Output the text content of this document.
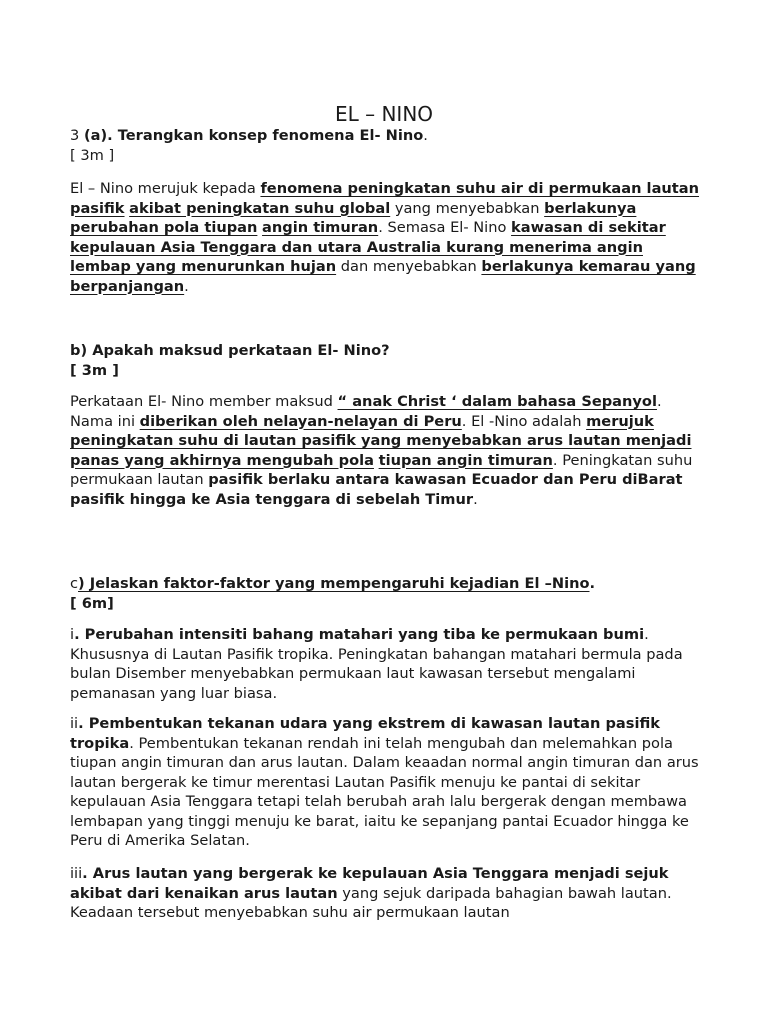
EL – NINO

3 (a). Terangkan konsep fenomena El- Nino.

[ 3m ]

El – Nino merujuk kepada fenomena peningkatan suhu air di permukaan lautan pasifik akibat peningkatan suhu global yang menyebabkan berlakunya perubahan pola tiupan angin timuran. Semasa El- Nino kawasan di sekitar kepulauan Asia Tenggara dan utara Australia kurang menerima angin lembap yang menurunkan hujan dan menyebabkan berlakunya kemarau yang berpanjangan.

b) Apakah maksud perkataan El- Nino?

[ 3m ]

Perkataan El- Nino member maksud “ anak Christ ‘ dalam bahasa Sepanyol. Nama ini diberikan oleh nelayan-nelayan di Peru. El -Nino adalah merujuk peningkatan suhu di lautan pasifik yang menyebabkan arus lautan menjadi panas yang akhirnya mengubah pola tiupan angin timuran. Peningkatan suhu permukaan lautan pasifik berlaku antara kawasan Ecuador dan Peru diBarat pasifik hingga ke Asia tenggara di sebelah Timur.

c) Jelaskan faktor-faktor yang mempengaruhi kejadian El –Nino.

[ 6m]

i. Perubahan intensiti bahang matahari yang tiba ke permukaan bumi. Khususnya di Lautan Pasifik tropika. Peningkatan bahangan matahari bermula pada bulan Disember menyebabkan permukaan laut kawasan tersebut mengalami pemanasan yang luar biasa.

ii. Pembentukan tekanan udara yang ekstrem di kawasan lautan pasifik tropika. Pembentukan tekanan rendah ini telah mengubah dan melemahkan pola tiupan angin timuran dan arus lautan. Dalam keaadan normal angin timuran dan arus lautan bergerak ke timur merentasi Lautan Pasifik menuju ke pantai di sekitar kepulauan Asia Tenggara tetapi telah berubah arah lalu bergerak dengan membawa lembapan yang tinggi menuju ke barat, iaitu ke sepanjang pantai Ecuador hingga ke Peru di Amerika Selatan.

iii. Arus lautan yang bergerak ke kepulauan Asia Tenggara menjadi sejuk akibat dari kenaikan arus lautan yang sejuk daripada bahagian bawah lautan. Keadaan tersebut menyebabkan suhu air permukaan lautan
